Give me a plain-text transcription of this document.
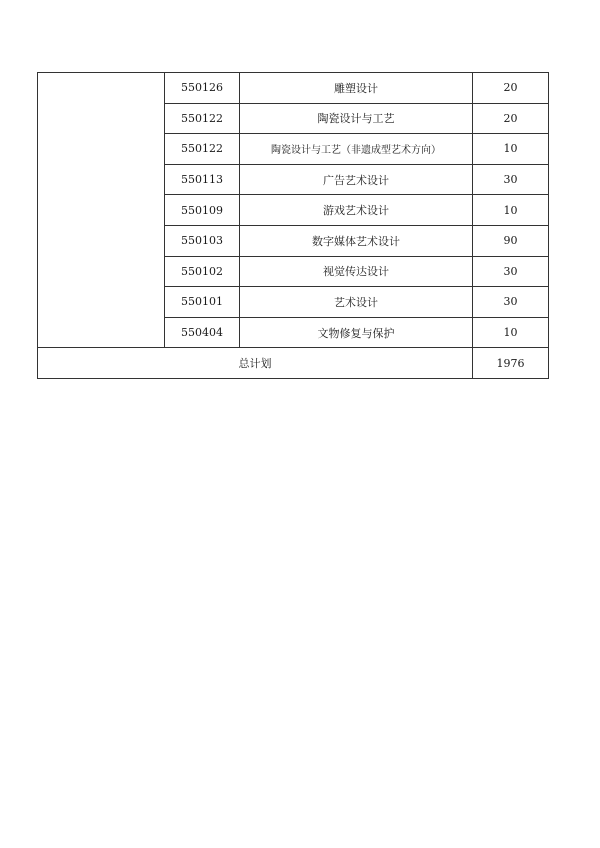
	550126	雕塑设计	20
	550122	陶瓷设计与工艺	20
	550122	陶瓷设计与工艺（非遗成型艺术方向）	10
	550113	广告艺术设计	30
	550109	游戏艺术设计	10
	550103	数字媒体艺术设计	90
	550102	视觉传达设计	30
	550101	艺术设计	30
	550404	文物修复与保护	10
总计划			1976
